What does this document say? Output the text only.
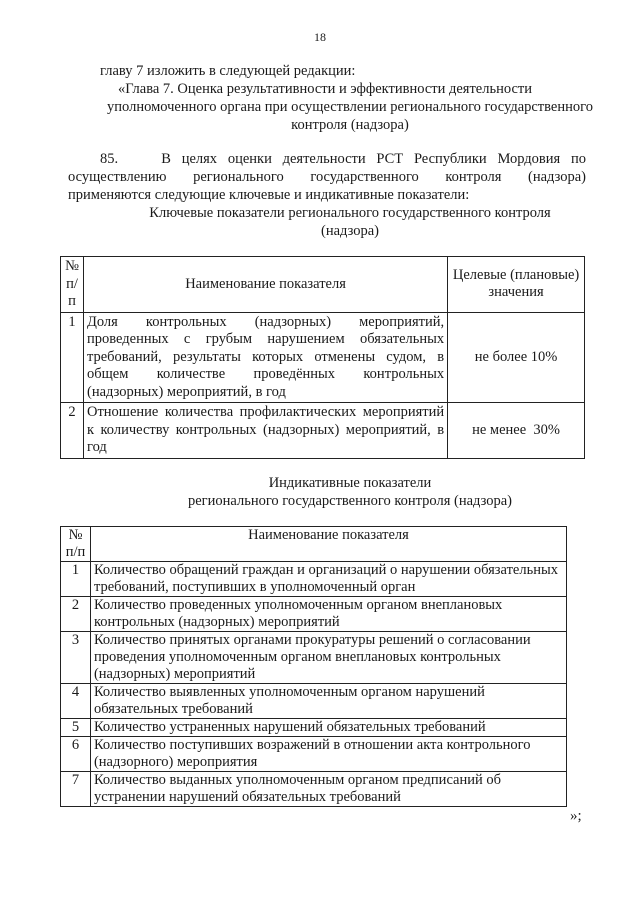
18
главу 7 изложить в следующей редакции:
«Глава 7. Оценка результативности и эффективности деятельности
уполномоченного органа при осуществлении регионального государственного
контроля (надзора)
85.    В целях оценки деятельности РСТ Республики Мордовия по
осуществлению    регионального    государственного    контроля    (надзора)
применяются следующие ключевые и индикативные показатели:
Ключевые показатели регионального государственного контроля
(надзора)
№ п/п	Наименование показателя	Целевые (плановые) значения
1	Доля контрольных (надзорных) мероприятий, проведенных с грубым нарушением обязательных требований, результаты которых отменены судом, в общем количестве проведённых контрольных (надзорных) мероприятий, в год	не более 10%
2	Отношение количества профилактических мероприятий к количеству контрольных (надзорных) мероприятий, в год	не менее  30%
Индикативные показатели
регионального государственного контроля (надзора)
№ п/п	Наименование показателя
1	Количество обращений граждан и организаций о нарушении обязательных требований, поступивших в уполномоченный орган
2	Количество проведенных уполномоченным органом внеплановых контрольных (надзорных) мероприятий
3	Количество принятых органами прокуратуры решений о согласовании проведения уполномоченным органом внеплановых контрольных (надзорных) мероприятий
4	Количество выявленных уполномоченным органом нарушений обязательных требований
5	Количество устраненных нарушений обязательных требований
6	Количество поступивших возражений в отношении акта контрольного (надзорного) мероприятия
7	Количество выданных уполномоченным органом предписаний об устранении нарушений обязательных требований
»;
